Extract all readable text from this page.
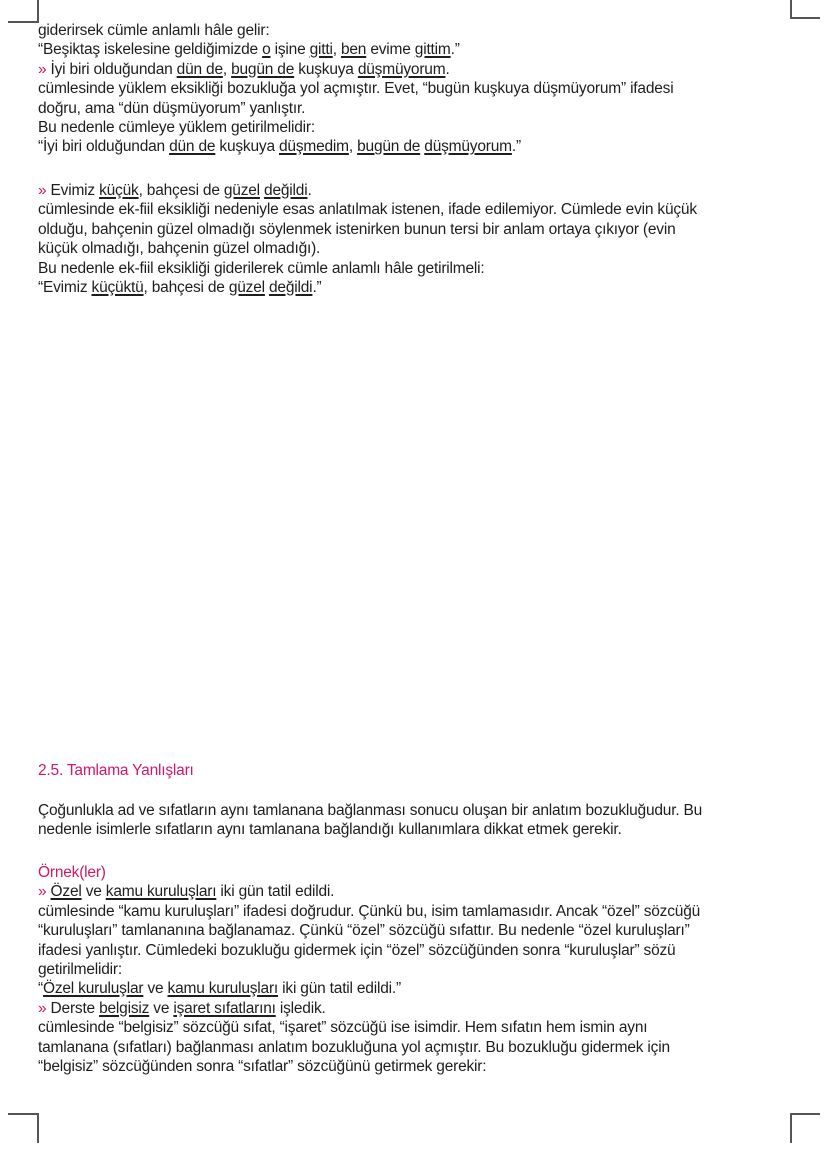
giderirsek cümle anlamlı hâle gelir:
“Beşiktaş iskelesine geldiğimizde o işine gitti, ben evime gittim.”
» İyi biri olduğundan dün de, bugün de kuşkuya düşmüyorum.
cümlesinde yüklem eksikliği bozukluğa yol açmıştır. Evet, “bugün kuşkuya düşmüyorum” ifadesi
doğru, ama “dün düşmüyorum” yanlıştır.
Bu nedenle cümleye yüklem getirilmelidir:
“İyi biri olduğundan dün de kuşkuya düşmedim, bugün de düşmüyorum.”
» Evimiz küçük, bahçesi de güzel değildi.
cümlesinde ek-fiil eksikliği nedeniyle esas anlatılmak istenen, ifade edilemiyor. Cümlede evin küçük
olduğu, bahçenin güzel olmadığı söylenmek istenirken bunun tersi bir anlam ortaya çıkıyor (evin
küçük olmadığı, bahçenin güzel olmadığı).
Bu nedenle ek-fiil eksikliği giderilerek cümle anlamlı hâle getirilmeli:
“Evimiz küçüktü, bahçesi de güzel değildi.”
2.5. Tamlama Yanlışları
Çoğunlukla ad ve sıfatların aynı tamlanana bağlanması sonucu oluşan bir anlatım bozukluğudur. Bu
nedenle isimlerle sıfatların aynı tamlanana bağlandığı kullanımlara dikkat etmek gerekir.
Örnek(ler)
» Özel ve kamu kuruluşları iki gün tatil edildi.
cümlesinde “kamu kuruluşları” ifadesi doğrudur. Çünkü bu, isim tamlamasıdır. Ancak “özel” sözcüğü
“kuruluşları” tamlananına bağlanamaz. Çünkü “özel” sözcüğü sıfattır. Bu nedenle “özel kuruluşları”
ifadesi yanlıştır. Cümledeki bozukluğu gidermek için “özel” sözcüğünden sonra “kuruluşlar” sözü
getirilmelidir:
“Özel kuruluşlar ve kamu kuruluşları iki gün tatil edildi.”
» Derste belgisiz ve işaret sıfatlarını işledik.
cümlesinde “belgisiz” sözcüğü sıfat, “işaret” sözcüğü ise isimdir. Hem sıfatın hem ismin aynı
tamlanana (sıfatları) bağlanması anlatım bozukluğuna yol açmıştır. Bu bozukluğu gidermek için
“belgisiz” sözcüğünden sonra “sıfatlar” sözcüğünü getirmek gerekir:
